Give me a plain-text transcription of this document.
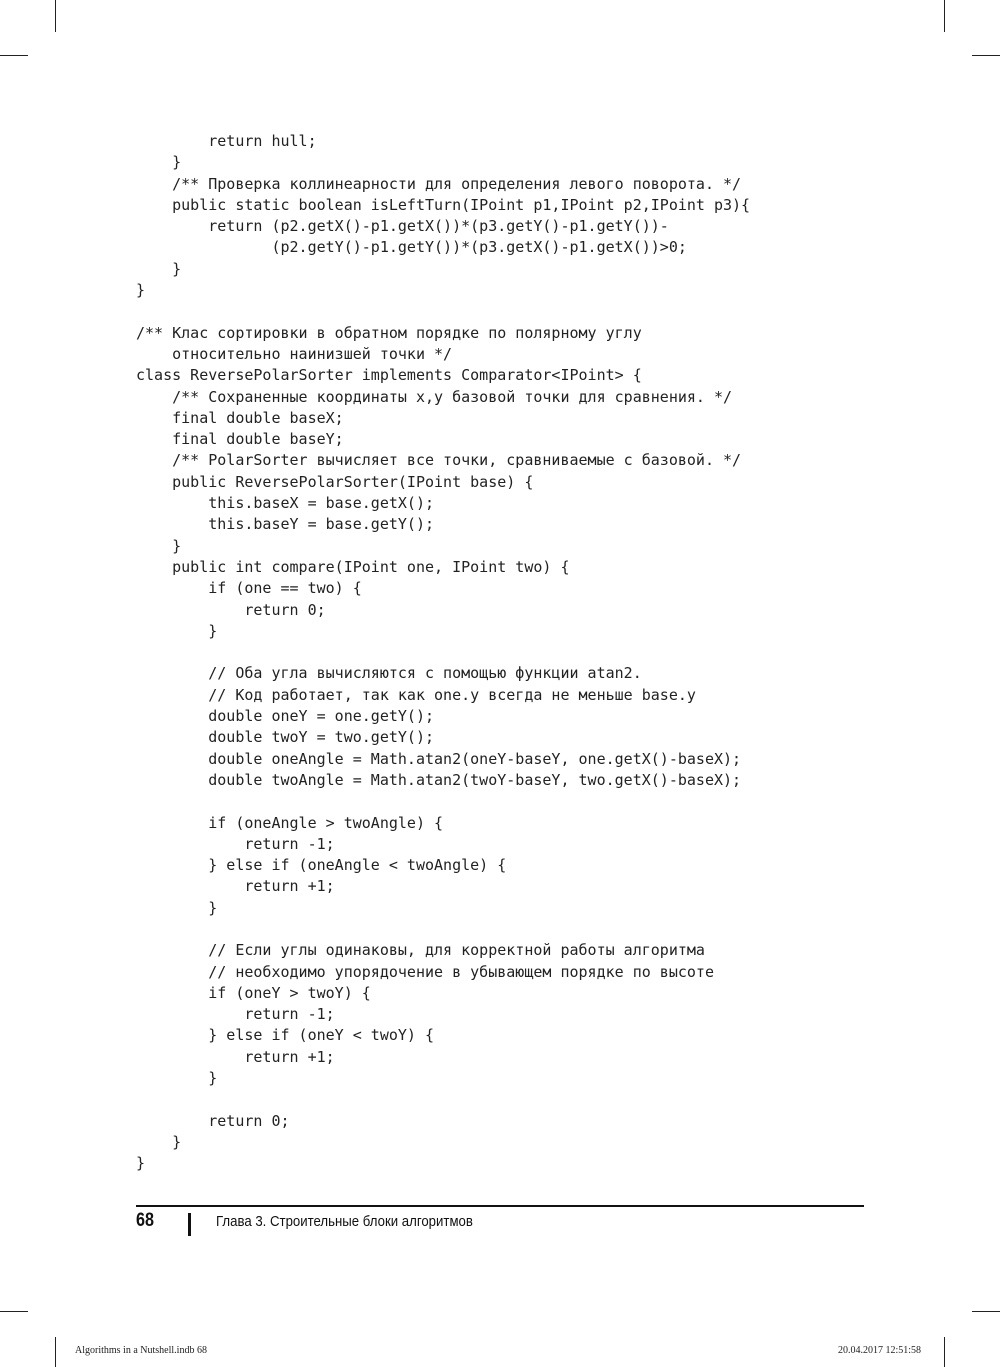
return hull;
}
/** Проверка коллинеарности для определения левого поворота. */
public static boolean isLeftTurn(IPoint p1,IPoint p2,IPoint p3){
return (p2.getX()-p1.getX())*(p3.getY()-p1.getY())-
(p2.getY()-p1.getY())*(p3.getX()-p1.getX())>0;
}
}
/** Клас сортировки в обратном порядке по полярному углу
относительно наинизшей точки */
class ReversePolarSorter implements Comparator<IPoint> {
/** Сохраненные координаты x,y базовой точки для сравнения. */
final double baseX;
final double baseY;
/** PolarSorter вычисляет все точки, сравниваемые с базовой. */
public ReversePolarSorter(IPoint base) {
this.baseX = base.getX();
this.baseY = base.getY();
}
public int compare(IPoint one, IPoint two) {
if (one == two) {
return 0;
}
// Оба угла вычисляются с помощью функции atan2.
// Код работает, так как one.y всегда не меньше base.y
double oneY = one.getY();
double twoY = two.getY();
double oneAngle = Math.atan2(oneY-baseY, one.getX()-baseX);
double twoAngle = Math.atan2(twoY-baseY, two.getX()-baseX);
if (oneAngle > twoAngle) {
return -1;
} else if (oneAngle < twoAngle) {
return +1;
}
// Если углы одинаковы, для корректной работы алгоритма
// необходимо упорядочение в убывающем порядке по высоте
if (oneY > twoY) {
return -1;
} else if (oneY < twoY) {
return +1;
}
return 0;
}
}
68	Глава 3. Строительные блоки алгоритмов
Algorithms in a Nutshell.indb 68	20.04.2017 12:51:58
